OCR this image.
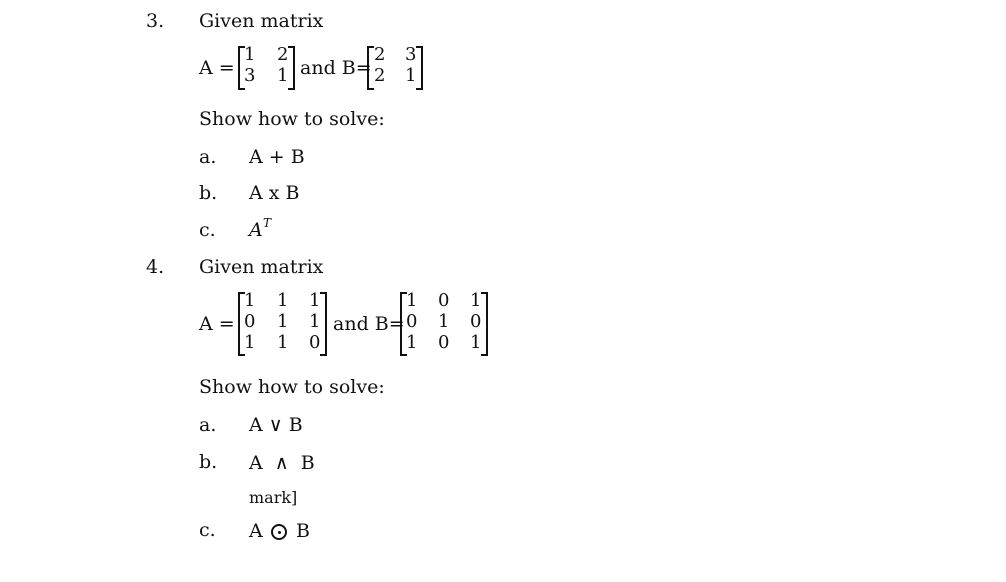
3. Given matrix
A =
1 2
3 1 and B=
2 3
2 1
Show how to solve:
a. A + B
b. A x B
c. A T
4. Given matrix
A =
1 1 1
0 1 1
1 1 0
and B=
1 0 1
0 1 0
1 0 1
Show how to solve:
a. A ∨ B
b. A  ∧  B
mark]
c. A B
